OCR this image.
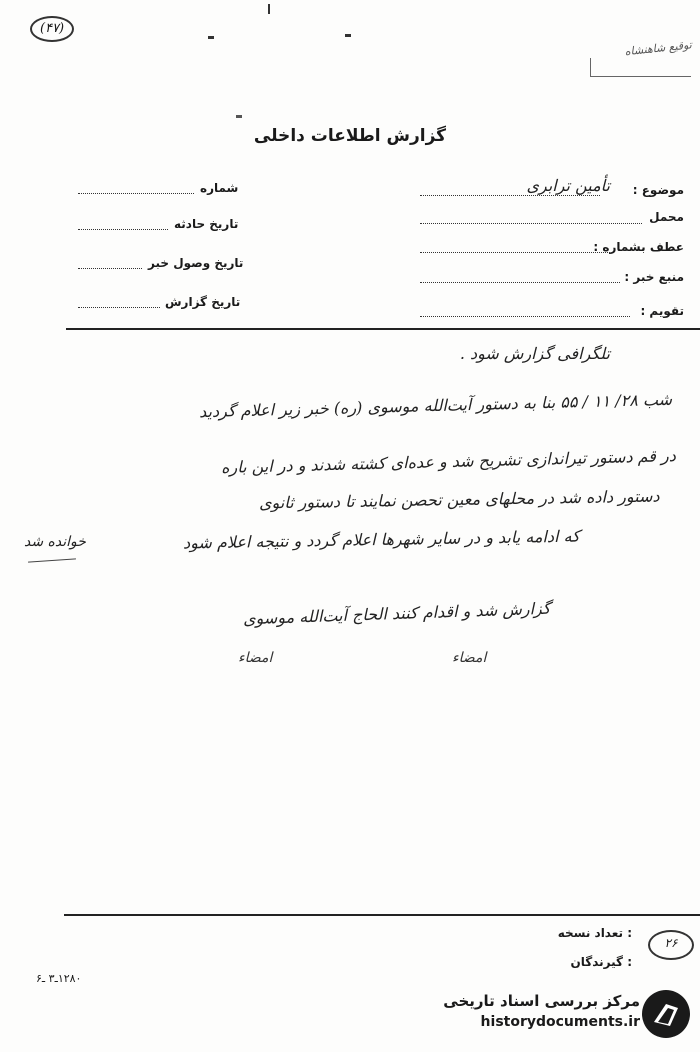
(۴۷)
توقیع شاهنشاه
گزارش اطلاعات داخلی
موضوع :
تأمین ترابری
محمل
عطف بشماره :
منبع خبر :
تقویم :
شماره
تاریخ حادثه
تاریخ وصول خبر
تاریخ گزارش
تلگرافی گزارش شود .
شب ۲۸/ ۱۱ / ۵۵ بنا به دستور آیت‌الله موسوی (ره) خبر زیر اعلام گردید
در قم دستور تیراندازی تشریح شد و عده‌ای کشته شدند و در این باره
دستور داده شد در محلهای معین تحصن نمایند تا دستور ثانوی
که ادامه یابد و در سایر شهرها اعلام گردد و نتیجه اعلام شود
گزارش شد و اقدام کنند الحاج آیت‌الله موسوی
خوانده شد
امضاء	امضاء
: تعداد نسخه
: گیرندگان
۲۶
۱۲۸۰ـ۳ ـ۶
مرکز بررسی اسناد تاریخی
historydocuments.ir
